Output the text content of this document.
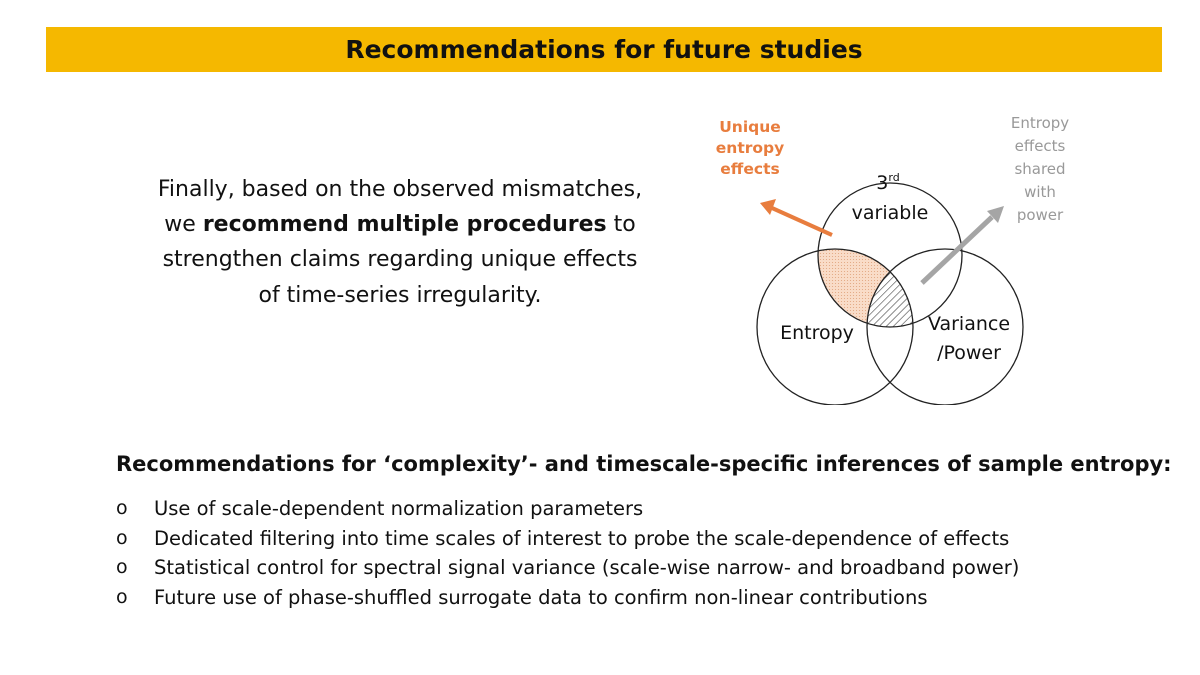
Recommendations for future studies
Finally, based on the observed mismatches, we recommend multiple procedures to strengthen claims regarding unique effects of time-series irregularity.
3rd
variable
Entropy	Variance
/Power
Unique
entropy
effects
Entropy
effects
shared
with
power
Recommendations for ‘complexity’- and timescale-specific inferences of sample entropy:
o	Use of scale-dependent normalization parameters
o	Dedicated filtering into time scales of interest to probe the scale-dependence of effects
o	Statistical control for spectral signal variance (scale-wise narrow- and broadband power)
o	Future use of phase-shuffled surrogate data to confirm non-linear contributions
